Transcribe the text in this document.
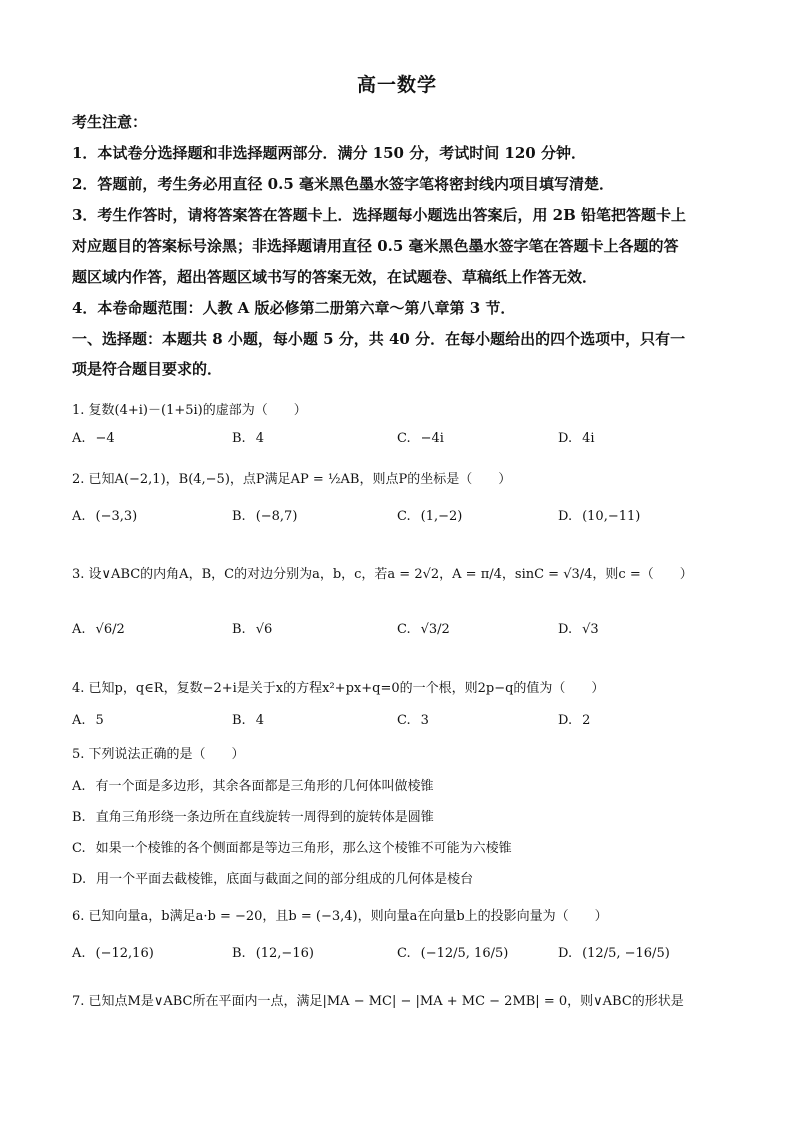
高一数学
考生注意：
1．本试卷分选择题和非选择题两部分．满分 150 分，考试时间 120 分钟．
2．答题前，考生务必用直径 0.5 毫米黑色墨水签字笔将密封线内项目填写清楚．
3．考生作答时，请将答案答在答题卡上．选择题每小题选出答案后，用 2B 铅笔把答题卡上
对应题目的答案标号涂黑；非选择题请用直径 0.5 毫米黑色墨水签字笔在答题卡上各题的答
题区域内作答，超出答题区域书写的答案无效，在试题卷、草稿纸上作答无效．
4．本卷命题范围：人教 A 版必修第二册第六章～第八章第 3 节．
一、选择题：本题共 8 小题，每小题 5 分，共 40 分．在每小题给出的四个选项中，只有一
项是符合题目要求的．
1. 复数(4+i)－(1+5i)的虚部为（　　）
A. −4	B. 4	C. −4i	D. 4i
2. 已知A(−2,1)，B(4,−5)，点P满足AP = ½AB，则点P的坐标是（　　）
A. (−3,3)	B. (−8,7)	C. (1,−2)	D. (10,−11)
3. 设∨ABC的内角A，B，C的对边分别为a，b，c，若a = 2√2，A = π/4，sinC = √3/4，则c =（　　）
A. √6/2	B. √6	C. √3/2	D. √3
4. 已知p，q∈R，复数−2+i是关于x的方程x²+px+q=0的一个根，则2p−q的值为（　　）
A. 5	B. 4	C. 3	D. 2
5. 下列说法正确的是（　　）
A. 有一个面是多边形，其余各面都是三角形的几何体叫做棱锥
B. 直角三角形绕一条边所在直线旋转一周得到的旋转体是圆锥
C. 如果一个棱锥的各个侧面都是等边三角形，那么这个棱锥不可能为六棱锥
D. 用一个平面去截棱锥，底面与截面之间的部分组成的几何体是棱台
6. 已知向量a，b满足a·b = −20，且b = (−3,4)，则向量a在向量b上的投影向量为（　　）
A. (−12,16)	B. (12,−16)	C. (−12/5, 16/5)	D. (12/5, −16/5)
7. 已知点M是∨ABC所在平面内一点，满足|MA − MC| − |MA + MC − 2MB| = 0，则∨ABC的形状是
